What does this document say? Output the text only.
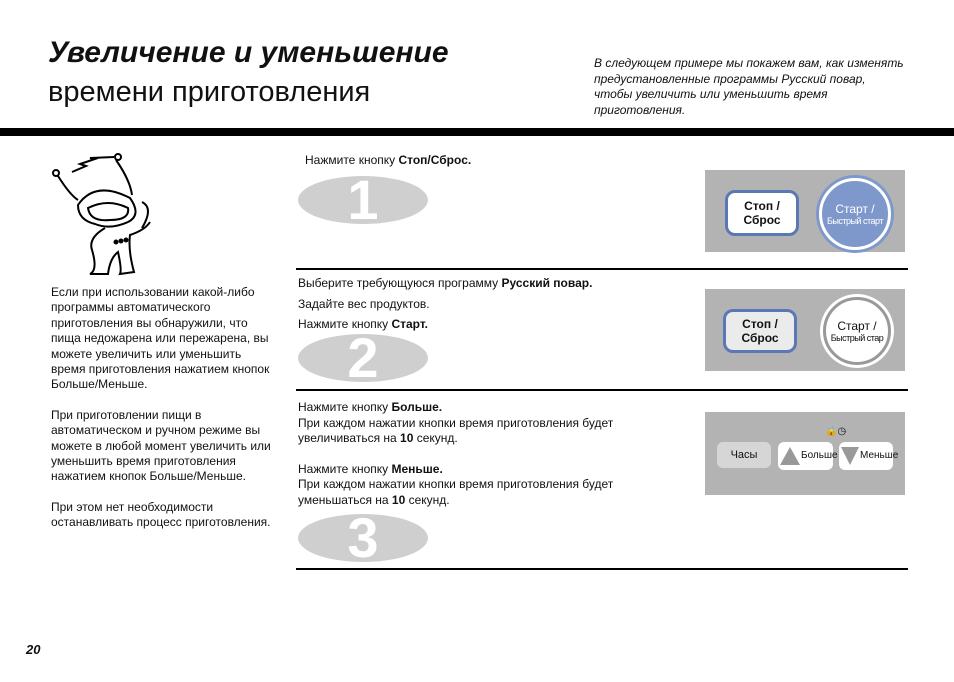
Увеличение и уменьшение
времени приготовления
В следующем примере мы покажем вам, как изменять предустановленные программы Русский повар, чтобы увеличить или уменьшить время приготовления.

Если при использовании какой-либо программы автоматического приготовления вы обнаружили, что пища недожарена или пережарена, вы можете увеличить или уменьшить время приготовления нажатием кнопок Больше/Меньше.

При приготовлении пищи в автоматическом и ручном режиме вы можете в любой момент увеличить или уменьшить время приготовления нажатием кнопок Больше/Меньше.

При этом нет необходимости останавливать процесс приготовления.

Нажмите кнопку Стоп/Сброс.

1	Стоп /
Сброс
Старт /
Быстрый старт

Выберите требующуюся программу Русский повар.

Задайте вес продуктов.

Нажмите кнопку Старт.

2
Стоп /
Сброс
Старт /
Быстрый стар

Нажмите кнопку Больше.

При каждом нажатии кнопки время приготовления будет

увеличиваться на 10 секунд.

Нажмите кнопку Меньше.

При каждом нажатии кнопки время приготовления будет

уменьшаться на 10 секунд.

3
🔒◷
Часы	Больше Меньше
20
